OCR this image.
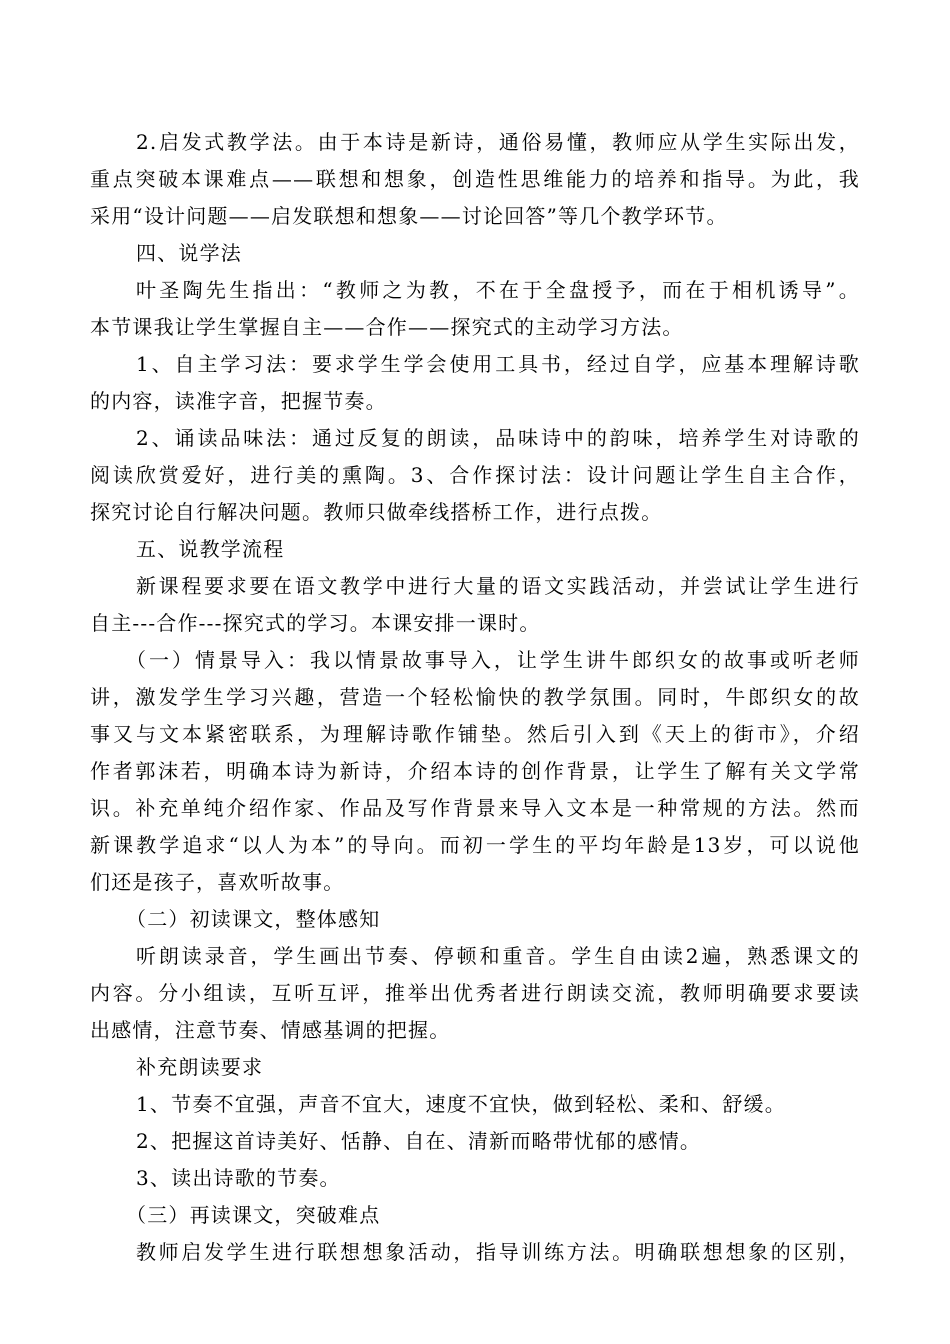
2.启发式教学法。由于本诗是新诗，通俗易懂，教师应从学生实际出发，
重点突破本课难点——联想和想象，创造性思维能力的培养和指导。为此，我
采用“设计问题——启发联想和想象——讨论回答”等几个教学环节。
四、说学法
叶圣陶先生指出：“教师之为教，不在于全盘授予，而在于相机诱导”。
本节课我让学生掌握自主——合作——探究式的主动学习方法。
1、自主学习法：要求学生学会使用工具书，经过自学，应基本理解诗歌
的内容，读准字音，把握节奏。
2、诵读品味法：通过反复的朗读，品味诗中的韵味，培养学生对诗歌的
阅读欣赏爱好，进行美的熏陶。3、合作探讨法：设计问题让学生自主合作，
探究讨论自行解决问题。教师只做牵线搭桥工作，进行点拨。
五、说教学流程
新课程要求要在语文教学中进行大量的语文实践活动，并尝试让学生进行
自主---合作---探究式的学习。本课安排一课时。
（一）情景导入：我以情景故事导入，让学生讲牛郎织女的故事或听老师
讲，激发学生学习兴趣，营造一个轻松愉快的教学氛围。同时，牛郎织女的故
事又与文本紧密联系，为理解诗歌作铺垫。然后引入到《天上的街市》，介绍
作者郭沫若，明确本诗为新诗，介绍本诗的创作背景，让学生了解有关文学常
识。补充单纯介绍作家、作品及写作背景来导入文本是一种常规的方法。然而
新课教学追求“以人为本”的导向。而初一学生的平均年龄是13岁，可以说他
们还是孩子，喜欢听故事。
（二）初读课文，整体感知
听朗读录音，学生画出节奏、停顿和重音。学生自由读2遍，熟悉课文的
内容。分小组读，互听互评，推举出优秀者进行朗读交流，教师明确要求要读
出感情，注意节奏、情感基调的把握。
补充朗读要求
1、节奏不宜强，声音不宜大，速度不宜快，做到轻松、柔和、舒缓。
2、把握这首诗美好、恬静、自在、清新而略带忧郁的感情。
3、读出诗歌的节奏。
（三）再读课文，突破难点
教师启发学生进行联想想象活动，指导训练方法。明确联想想象的区别，
